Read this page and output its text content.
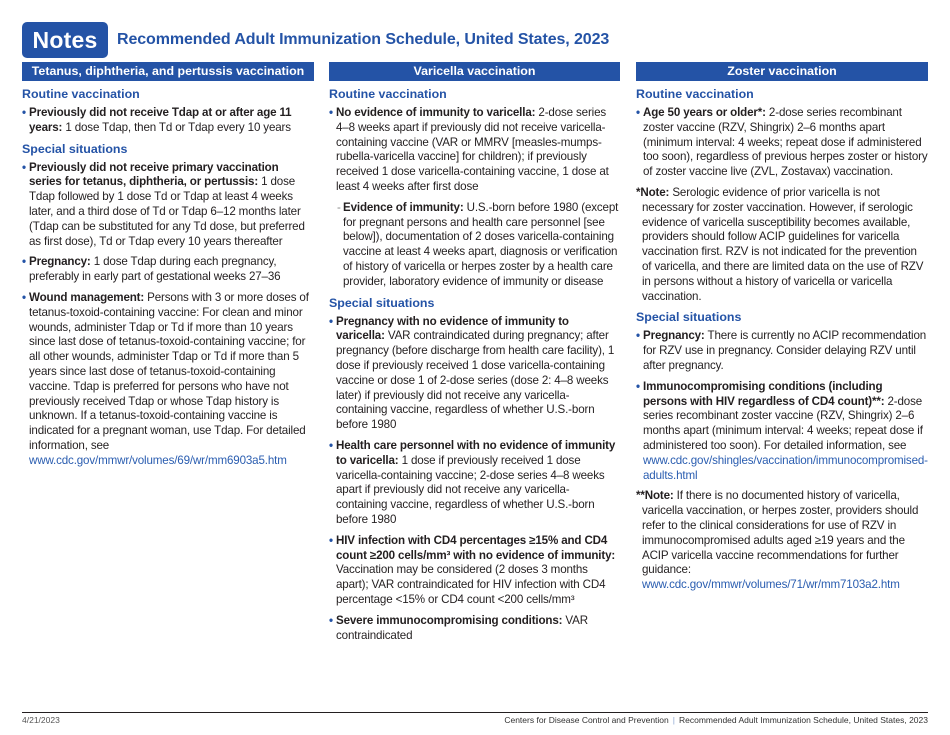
Notes	Recommended Adult Immunization Schedule, United States, 2023
Tetanus, diphtheria, and pertussis vaccination
Routine vaccination
• Previously did not receive Tdap at or after age 11 years: 1 dose Tdap, then Td or Tdap every 10 years
Special situations
• Previously did not receive primary vaccination series for tetanus, diphtheria, or pertussis: 1 dose Tdap followed by 1 dose Td or Tdap at least 4 weeks later, and a third dose of Td or Tdap 6–12 months later (Tdap can be substituted for any Td dose, but preferred as first dose), Td or Tdap every 10 years thereafter
• Pregnancy: 1 dose Tdap during each pregnancy, preferably in early part of gestational weeks 27–36
• Wound management: Persons with 3 or more doses of tetanus-toxoid-containing vaccine: For clean and minor wounds, administer Tdap or Td if more than 10 years since last dose of tetanus-toxoid-containing vaccine; for all other wounds, administer Tdap or Td if more than 5 years since last dose of tetanus-toxoid-containing vaccine. Tdap is preferred for persons who have not previously received Tdap or whose Tdap history is unknown. If a tetanus-toxoid-containing vaccine is indicated for a pregnant woman, use Tdap. For detailed information, see www.cdc.gov/mmwr/volumes/69/wr/mm6903a5.htm
Varicella vaccination
Routine vaccination
• No evidence of immunity to varicella: 2-dose series 4–8 weeks apart if previously did not receive varicella-containing vaccine (VAR or MMRV [measles-mumps-rubella-varicella vaccine] for children); if previously received 1 dose varicella-containing vaccine, 1 dose at least 4 weeks after first dose
- Evidence of immunity: U.S.-born before 1980 (except for pregnant persons and health care personnel [see below]), documentation of 2 doses varicella-containing vaccine at least 4 weeks apart, diagnosis or verification of history of varicella or herpes zoster by a health care provider, laboratory evidence of immunity or disease
Special situations
• Pregnancy with no evidence of immunity to varicella: VAR contraindicated during pregnancy; after pregnancy (before discharge from health care facility), 1 dose if previously received 1 dose varicella-containing vaccine or dose 1 of 2-dose series (dose 2: 4–8 weeks later) if previously did not receive any varicella-containing vaccine, regardless of whether U.S.-born before 1980
• Health care personnel with no evidence of immunity to varicella: 1 dose if previously received 1 dose varicella-containing vaccine; 2-dose series 4–8 weeks apart if previously did not receive any varicella-containing vaccine, regardless of whether U.S.-born before 1980
• HIV infection with CD4 percentages ≥15% and CD4 count ≥200 cells/mm³ with no evidence of immunity: Vaccination may be considered (2 doses 3 months apart); VAR contraindicated for HIV infection with CD4 percentage <15% or CD4 count <200 cells/mm³
• Severe immunocompromising conditions: VAR contraindicated
Zoster vaccination
Routine vaccination
• Age 50 years or older*: 2-dose series recombinant zoster vaccine (RZV, Shingrix) 2–6 months apart (minimum interval: 4 weeks; repeat dose if administered too soon), regardless of previous herpes zoster or history of zoster vaccine live (ZVL, Zostavax) vaccination.
*Note: Serologic evidence of prior varicella is not necessary for zoster vaccination. However, if serologic evidence of varicella susceptibility becomes available, providers should follow ACIP guidelines for varicella vaccination first. RZV is not indicated for the prevention of varicella, and there are limited data on the use of RZV in persons without a history of varicella or varicella vaccination.
Special situations
• Pregnancy: There is currently no ACIP recommendation for RZV use in pregnancy. Consider delaying RZV until after pregnancy.
• Immunocompromising conditions (including persons with HIV regardless of CD4 count)**: 2-dose series recombinant zoster vaccine (RZV, Shingrix) 2–6 months apart (minimum interval: 4 weeks; repeat dose if administered too soon). For detailed information, see www.cdc.gov/shingles/vaccination/immunocompromised-adults.html
**Note: If there is no documented history of varicella, varicella vaccination, or herpes zoster, providers should refer to the clinical considerations for use of RZV in immunocompromised adults aged ≥19 years and the ACIP varicella vaccine recommendations for further guidance: www.cdc.gov/mmwr/volumes/71/wr/mm7103a2.htm
4/21/2023	Centers for Disease Control and Prevention | Recommended Adult Immunization Schedule, United States, 2023
